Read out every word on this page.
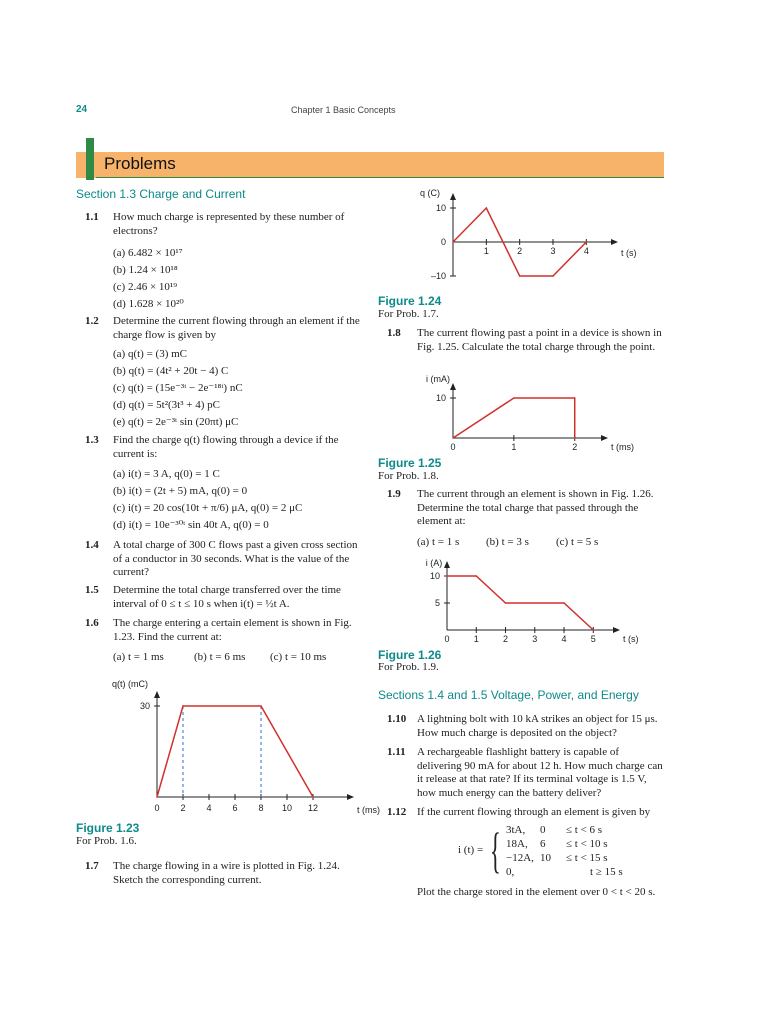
24	Chapter 1 Basic Concepts
Problems
Section 1.3 Charge and Current
1.1 How much charge is represented by these number of electrons?
(a) 6.482 × 10¹⁷
(b) 1.24 × 10¹⁸
(c) 2.46 × 10¹⁹
(d) 1.628 × 10²⁰
1.2 Determine the current flowing through an element if the charge flow is given by
(a) q(t) = (3) mC
(b) q(t) = (4t² + 20t − 4) C
(c) q(t) = (15e⁻³ᵗ − 2e⁻¹⁸ᵗ) nC
(d) q(t) = 5t²(3t³ + 4) pC
(e) q(t) = 2e⁻³ᵗ sin (20πt) μC
1.3 Find the charge q(t) flowing through a device if the current is:
(a) i(t) = 3 A, q(0) = 1 C
(b) i(t) = (2t + 5) mA, q(0) = 0
(c) i(t) = 20 cos(10t + π/6) μA, q(0) = 2 μC
(d) i(t) = 10e⁻³⁰ᵗ sin 40t A, q(0) = 0
1.4 A total charge of 300 C flows past a given cross section of a conductor in 30 seconds. What is the value of the current?
1.5 Determine the total charge transferred over the time interval of 0 ≤ t ≤ 10 s when i(t) = ½t A.
1.6 The charge entering a certain element is shown in Fig. 1.23. Find the current at:
(a) t = 1 ms	(b) t = 6 ms (c) t = 10 ms
t (ms)
q(t) (mC)
0 2 4 6 8 10 12
30
Figure 1.23
For Prob. 1.6.
1.7 The charge flowing in a wire is plotted in Fig. 1.24. Sketch the corresponding current.
t (s)
q (C)
1	2	3	4
10
0
–10
Figure 1.24
For Prob. 1.7.
1.8 The current flowing past a point in a device is shown in Fig. 1.25. Calculate the total charge through the point.
t (ms)
i (mA)
0	1	2
10
Figure 1.25
For Prob. 1.8.
1.9 The current through an element is shown in Fig. 1.26. Determine the total charge that passed through the element at:
(a) t = 1 s (b) t = 3 s (c) t = 5 s
t (s)
i (A)
0	1	2	3	4	5
10
5
Figure 1.26
For Prob. 1.9.
Sections 1.4 and 1.5 Voltage, Power, and Energy
1.10 A lightning bolt with 10 kA strikes an object for 15 μs. How much charge is deposited on the object?
1.11 A rechargeable flashlight battery is capable of delivering 90 mA for about 12 h. How much charge can it release at that rate? If its terminal voltage is 1.5 V, how much energy can the battery deliver?
1.12 If the current flowing through an element is given by
i (t) = { 3tA, 0 ≤ t < 6 s
18A, 6 ≤ t < 10 s
−12A, 10 ≤ t < 15 s
0,	t ≥ 15 s
Plot the charge stored in the element over 0 < t < 20 s.
